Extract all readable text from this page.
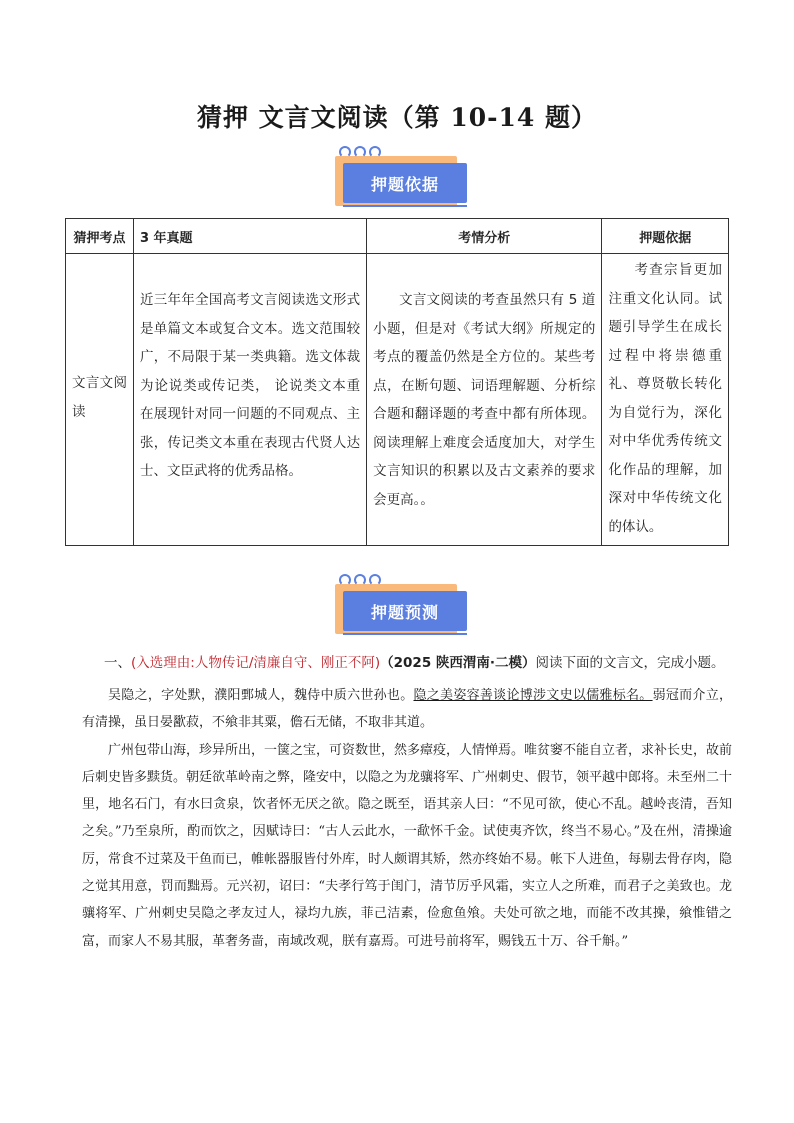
猜押 文言文阅读（第 10-14 题）
押题依据
猜押考点	3 年真题	考情分析	押题依据
文言文阅读	近三年年全国高考文言阅读选文形式是单篇文本或复合文本。选文范围较广，不局限于某一类典籍。选文体裁为论说类或传记类， 论说类文本重在展现针对同一问题的不同观点、主张，传记类文本重在表现古代贤人达士、文臣武将的优秀品格。	文言文阅读的考查虽然只有 5 道小题，但是对《考试大纲》所规定的考点的覆盖仍然是全方位的。某些考点，在断句题、词语理解题、分析综合题和翻译题的考查中都有所体现。阅读理解上难度会适度加大，对学生文言知识的积累以及古文素养的要求会更高。。	考查宗旨更加注重文化认同。试题引导学生在成长过程中将崇德重礼、尊贤敬长转化为自觉行为，深化对中华优秀传统文化作品的理解，加深对中华传统文化的体认。
押题预测
一、(入选理由:人物传记/清廉自守、刚正不阿)（2025 陕西渭南·二模）阅读下面的文言文，完成小题。

吴隐之，字处默，濮阳鄄城人，魏侍中质六世孙也。隐之美姿容善谈论博涉文史以儒雅标名。弱冠而介立，有清操，虽日晏歠菽，不飨非其粟，儋石无储，不取非其道。

广州包带山海，珍异所出，一箧之宝，可资数世，然多瘴疫，人情惮焉。唯贫窭不能自立者，求补长史，故前后刺史皆多黩货。朝廷欲革岭南之弊，隆安中，以隐之为龙骧将军、广州刺史、假节，领平越中郎将。未至州二十里，地名石门，有水曰贪泉，饮者怀无厌之欲。隐之既至，语其亲人曰：“不见可欲，使心不乱。越岭丧清，吾知之矣。”乃至泉所，酌而饮之，因赋诗曰：“古人云此水，一歃怀千金。试使夷齐饮，终当不易心。”及在州，清操逾厉，常食不过菜及干鱼而已，帷帐器服皆付外库，时人颇谓其矫，然亦终始不易。帐下人进鱼，每剔去骨存肉，隐之觉其用意，罚而黜焉。元兴初，诏曰：“夫孝行笃于闺门，清节厉乎风霜，实立人之所难，而君子之美致也。龙骧将军、广州刺史吴隐之孝友过人，禄均九族，菲己洁素，俭愈鱼飧。夫处可欲之地，而能不改其操，飨惟错之富，而家人不易其服，革奢务啬，南域改观，朕有嘉焉。可进号前将军，赐钱五十万、谷千斛。”
